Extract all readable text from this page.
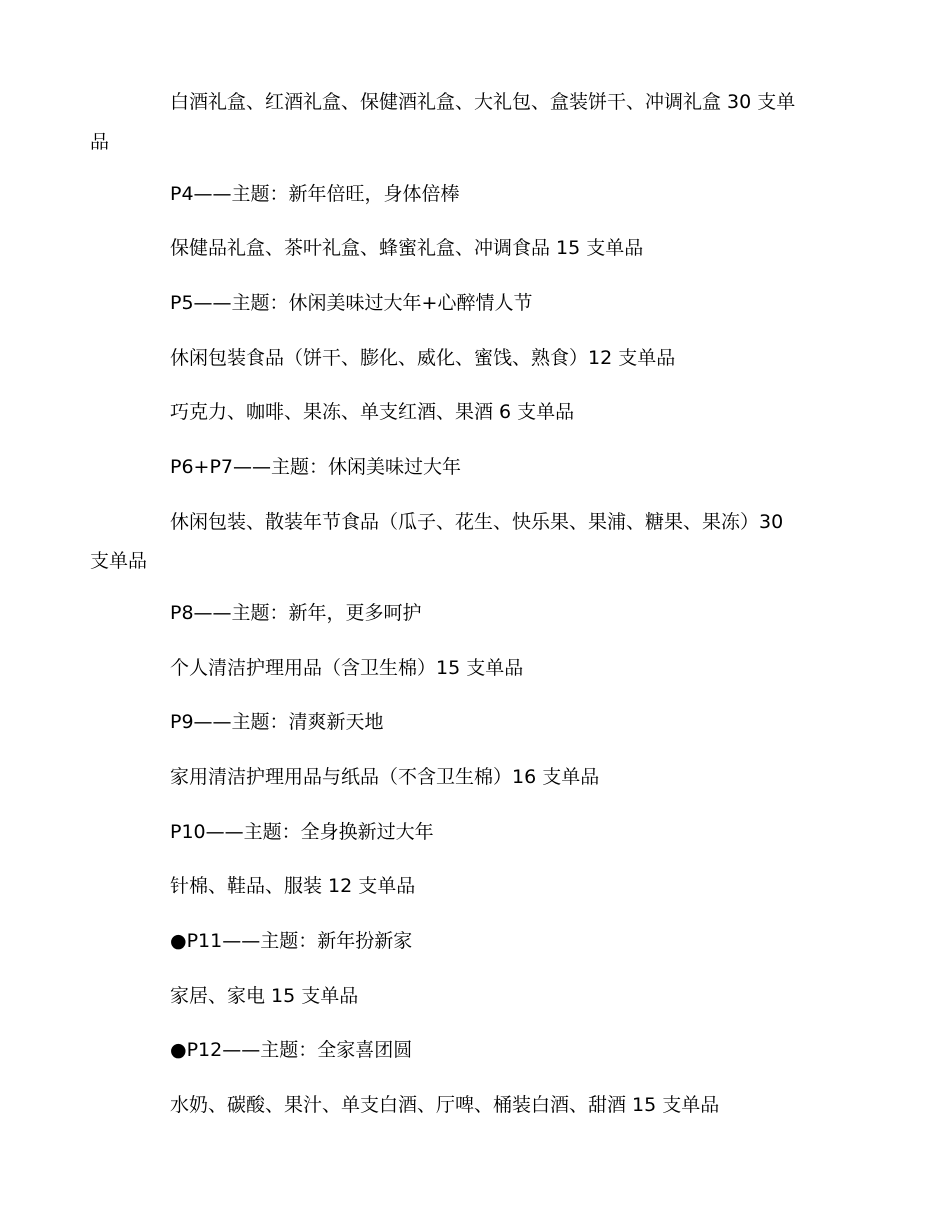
白酒礼盒、红酒礼盒、保健酒礼盒、大礼包、盒装饼干、冲调礼盒 30 支单
品
P4——主题：新年倍旺，身体倍棒
保健品礼盒、茶叶礼盒、蜂蜜礼盒、冲调食品 15 支单品
P5——主题：休闲美味过大年+心醉情人节
休闲包装食品（饼干、膨化、威化、蜜饯、熟食）12 支单品
巧克力、咖啡、果冻、单支红酒、果酒 6 支单品
P6+P7——主题：休闲美味过大年
休闲包装、散装年节食品（瓜子、花生、快乐果、果浦、糖果、果冻）30
支单品
P8——主题：新年，更多呵护
个人清洁护理用品（含卫生棉）15 支单品
P9——主题：清爽新天地
家用清洁护理用品与纸品（不含卫生棉）16 支单品
P10——主题：全身换新过大年
针棉、鞋品、服装 12 支单品
●P11——主题：新年扮新家
家居、家电 15 支单品
●P12——主题：全家喜团圆
水奶、碳酸、果汁、单支白酒、厅啤、桶装白酒、甜酒 15 支单品
